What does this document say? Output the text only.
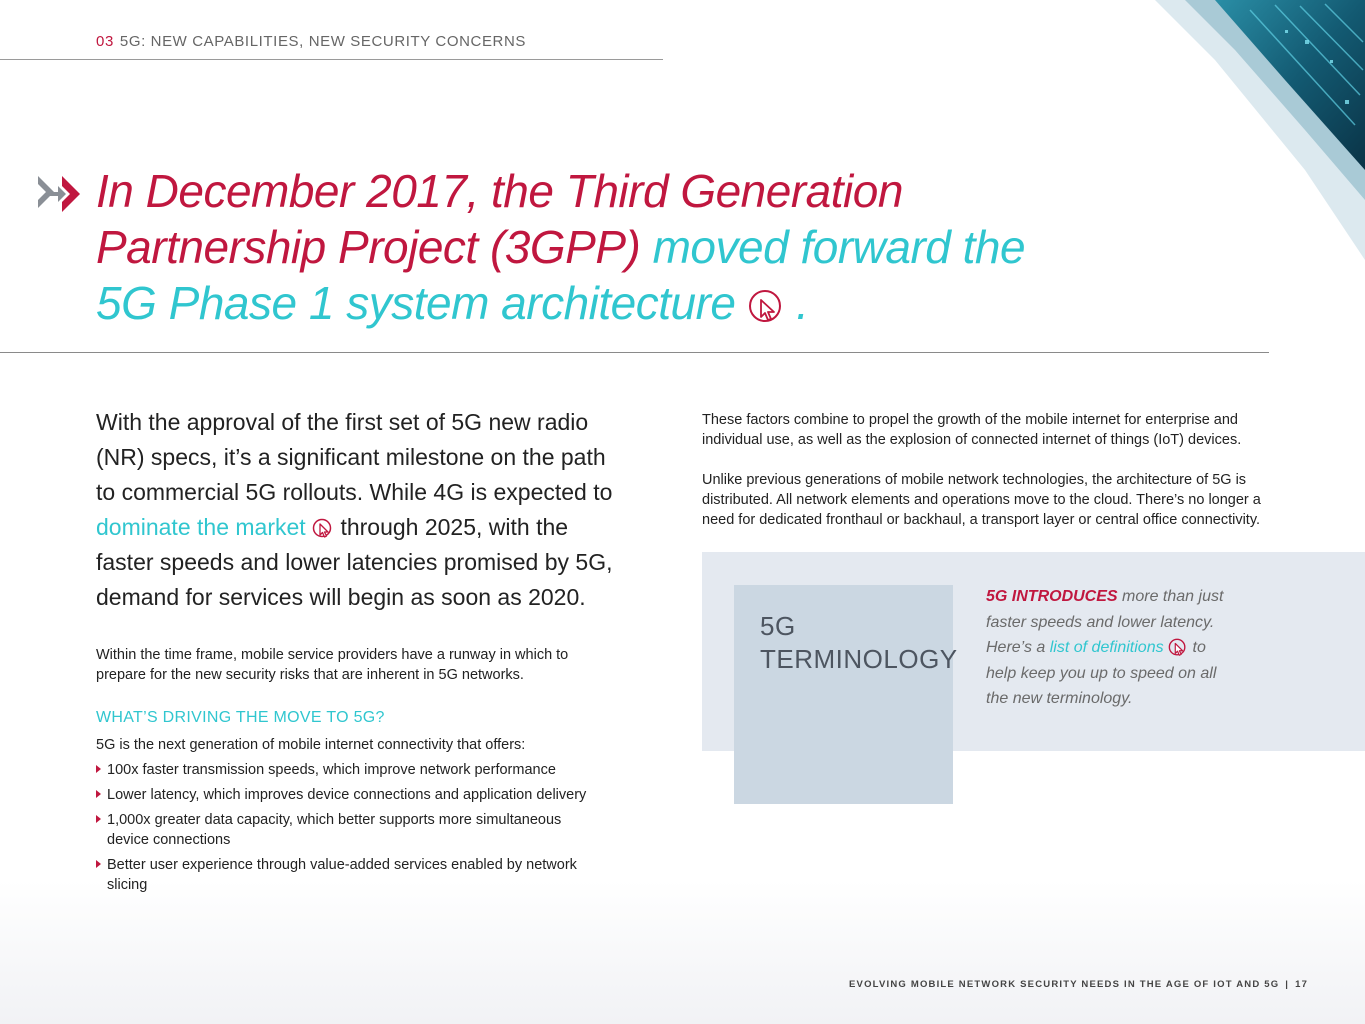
03 5G: NEW CAPABILITIES, NEW SECURITY CONCERNS
In December 2017, the Third Generation Partnership Project (3GPP) moved forward the 5G Phase 1 system architecture .
With the approval of the first set of 5G new radio (NR) specs, it’s a significant milestone on the path to commercial 5G rollouts. While 4G is expected to dominate the market through 2025, with the faster speeds and lower latencies promised by 5G, demand for services will begin as soon as 2020.
Within the time frame, mobile service providers have a runway in which to prepare for the new security risks that are inherent in 5G networks.
WHAT’S DRIVING THE MOVE TO 5G?
5G is the next generation of mobile internet connectivity that offers:
100x faster transmission speeds, which improve network performance
Lower latency, which improves device connections and application delivery
1,000x greater data capacity, which better supports more simultaneous device connections
Better user experience through value-added services enabled by network slicing
These factors combine to propel the growth of the mobile internet for enterprise and individual use, as well as the explosion of connected internet of things (IoT) devices.
Unlike previous generations of mobile network technologies, the architecture of 5G is distributed. All network elements and operations move to the cloud. There’s no longer a need for dedicated fronthaul or backhaul, a transport layer or central office connectivity.
5G
TERMINOLOGY
5G INTRODUCES more than just faster speeds and lower latency. Here’s a list of definitions to help keep you up to speed on all the new terminology.
EVOLVING MOBILE NETWORK SECURITY NEEDS IN THE AGE OF IOT AND 5G | 17
